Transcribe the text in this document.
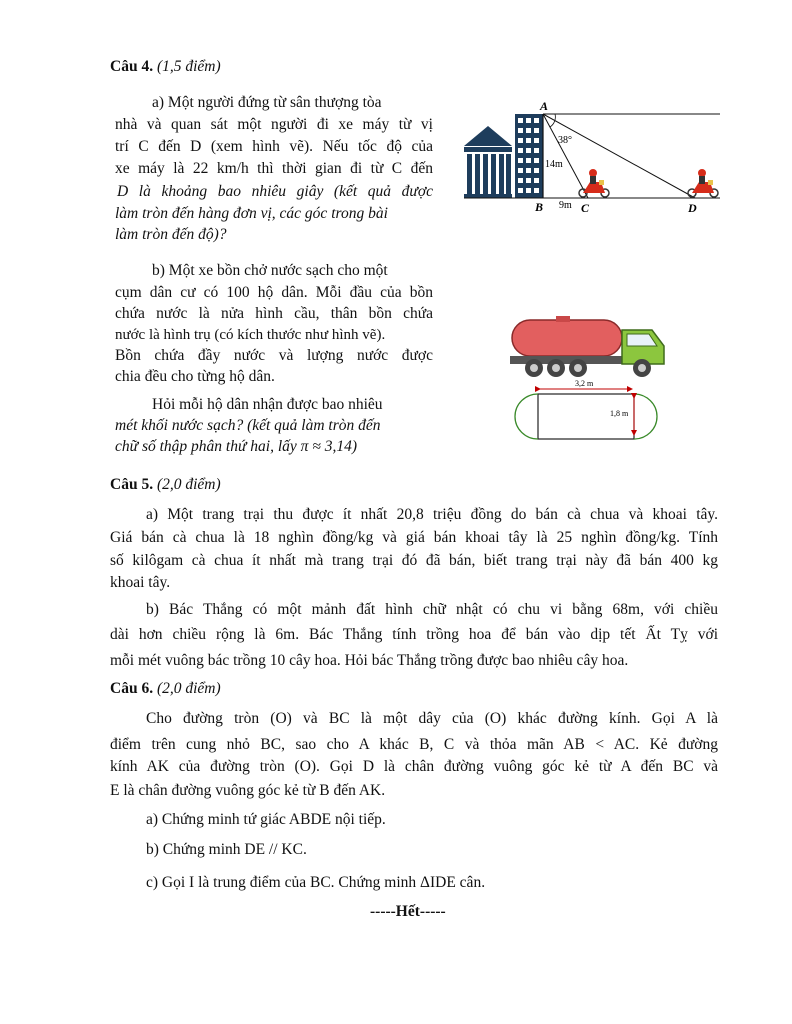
Câu 4. (1,5 điểm)
a) Một người đứng từ sân thượng tòa
nhà và quan sát một người đi xe máy từ vị
trí C đến D (xem hình vẽ). Nếu tốc độ của
xe máy là 22 km/h thì thời gian đi từ C đến
D là khoảng bao nhiêu giây (kết quả được
làm tròn đến hàng đơn vị, các góc trong bài
làm tròn đến độ)?
A
38°
14m
B 9m C	D
b) Một xe bồn chở nước sạch cho một
cụm dân cư có 100 hộ dân. Mỗi đầu của bồn
chứa nước là nửa hình cầu, thân bồn chứa
nước là hình trụ (có kích thước như hình vẽ).
Bồn chứa đầy nước và lượng nước được
chia đều cho từng hộ dân.
Hỏi mỗi hộ dân nhận được bao nhiêu
mét khối nước sạch? (kết quả làm tròn đến
chữ số thập phân thứ hai, lấy π ≈ 3,14)
3,2 m
1,8 m
Câu 5. (2,0 điểm)
a) Một trang trại thu được ít nhất 20,8 triệu đồng do bán cà chua và khoai tây.
Giá bán cà chua là 18 nghìn đồng/kg và giá bán khoai tây là 25 nghìn đồng/kg. Tính
số kilôgam cà chua ít nhất mà trang trại đó đã bán, biết trang trại này đã bán 400 kg
khoai tây.
b) Bác Thắng có một mảnh đất hình chữ nhật có chu vi bằng 68m, với chiều
dài hơn chiều rộng là 6m. Bác Thắng tính trồng hoa để bán vào dịp tết Ất Tỵ với
mỗi mét vuông bác trồng 10 cây hoa. Hỏi bác Thắng trồng được bao nhiêu cây hoa.
Câu 6. (2,0 điểm)
Cho đường tròn (O) và BC là một dây của (O) khác đường kính. Gọi A là
điểm trên cung nhỏ BC, sao cho A khác B, C và thỏa mãn AB < AC. Kẻ đường
kính AK của đường tròn (O). Gọi D là chân đường vuông góc kẻ từ A đến BC và
E là chân đường vuông góc kẻ từ B đến AK.
a) Chứng minh tứ giác ABDE nội tiếp.
b) Chứng minh DE // KC.
c) Gọi I là trung điểm của BC. Chứng minh ΔIDE cân.
-----Hết-----
